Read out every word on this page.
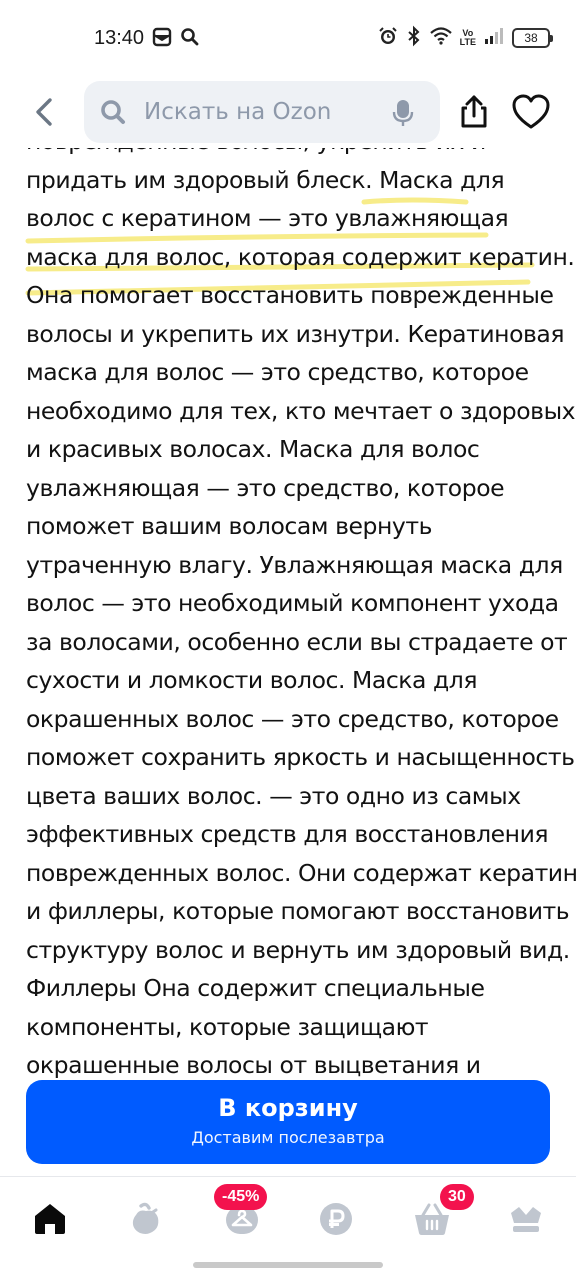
13:40	Vo
LTE	38
Искать на Ozon
придать им здоровый блеск. Маска для
волос с кератином — это увлажняющая
маска для волос, которая содержит кератин.
Она помогает восстановить поврежденные
волосы и укрепить их изнутри. Кератиновая
маска для волос — это средство, которое
необходимо для тех, кто мечтает о здоровых
и красивых волосах. Маска для волос
увлажняющая — это средство, которое
поможет вашим волосам вернуть
утраченную влагу. Увлажняющая маска для
волос — это необходимый компонент ухода
за волосами, особенно если вы страдаете от
сухости и ломкости волос. Маска для
окрашенных волос — это средство, которое
поможет сохранить яркость и насыщенность
цвета ваших волос. — это одно из самых
эффективных средств для восстановления
поврежденных волос. Они содержат кератин
и филлеры, которые помогают восстановить
структуру волос и вернуть им здоровый вид.
Филлеры Она содержит специальные
компоненты, которые защищают
окрашенные волосы от выцветания и
В корзину
Доставим послезавтра
-45%	30
